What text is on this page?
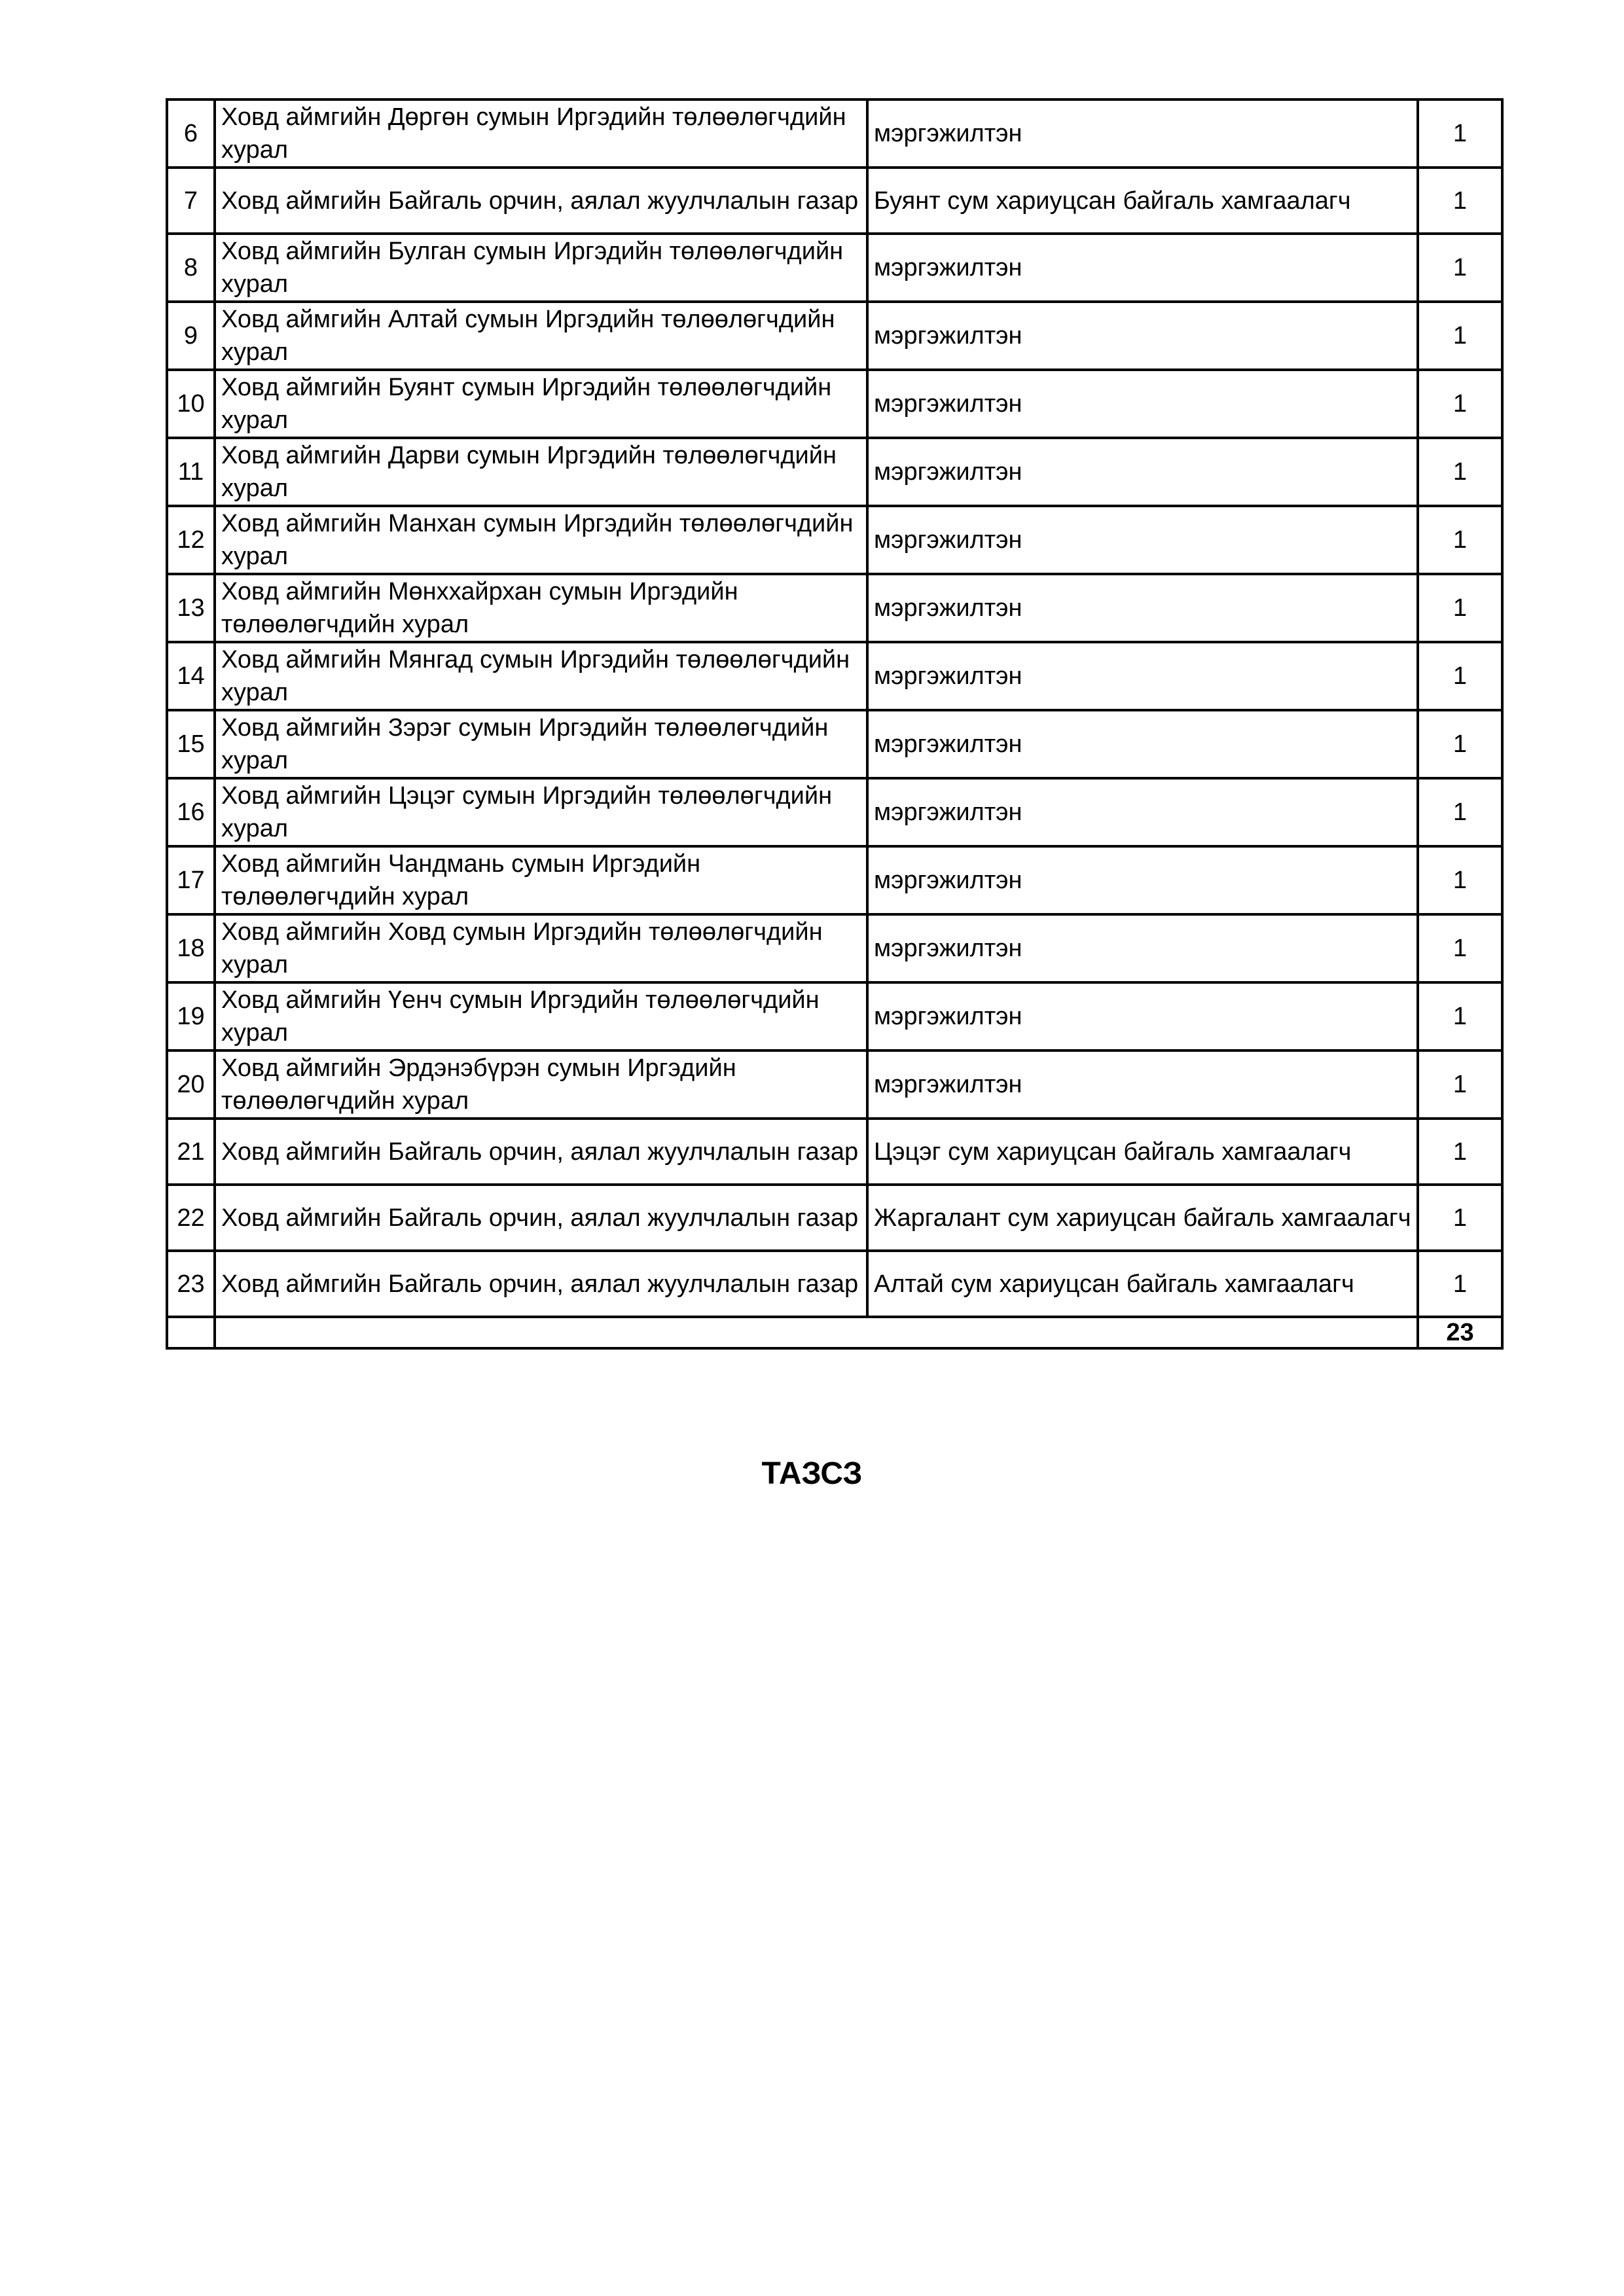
6	Ховд аймгийн Дөргөн сумын Иргэдийн төлөөлөгчдийн хурал	мэргэжилтэн	1
7	Ховд аймгийн Байгаль орчин, аялал жуулчлалын газар	Буянт сум хариуцсан байгаль хамгаалагч	1
8	Ховд аймгийн Булган сумын Иргэдийн төлөөлөгчдийн хурал	мэргэжилтэн	1
9	Ховд аймгийн Алтай сумын Иргэдийн төлөөлөгчдийн хурал	мэргэжилтэн	1
10	Ховд аймгийн Буянт сумын Иргэдийн төлөөлөгчдийн хурал	мэргэжилтэн	1
11	Ховд аймгийн Дарви сумын Иргэдийн төлөөлөгчдийн хурал	мэргэжилтэн	1
12	Ховд аймгийн Манхан сумын Иргэдийн төлөөлөгчдийн хурал	мэргэжилтэн	1
13	Ховд аймгийн Мөнххайрхан сумын Иргэдийн төлөөлөгчдийн хурал	мэргэжилтэн	1
14	Ховд аймгийн Мянгад сумын Иргэдийн төлөөлөгчдийн хурал	мэргэжилтэн	1
15	Ховд аймгийн Зэрэг сумын Иргэдийн төлөөлөгчдийн хурал	мэргэжилтэн	1
16	Ховд аймгийн Цэцэг сумын Иргэдийн төлөөлөгчдийн хурал	мэргэжилтэн	1
17	Ховд аймгийн Чандмань сумын Иргэдийн төлөөлөгчдийн хурал	мэргэжилтэн	1
18	Ховд аймгийн Ховд сумын Иргэдийн төлөөлөгчдийн хурал	мэргэжилтэн	1
19	Ховд аймгийн Үенч сумын Иргэдийн төлөөлөгчдийн хурал	мэргэжилтэн	1
20	Ховд аймгийн Эрдэнэбүрэн сумын Иргэдийн төлөөлөгчдийн хурал	мэргэжилтэн	1
21	Ховд аймгийн Байгаль орчин, аялал жуулчлалын газар	Цэцэг сум хариуцсан байгаль хамгаалагч	1
22	Ховд аймгийн Байгаль орчин, аялал жуулчлалын газар	Жаргалант сум хариуцсан байгаль хамгаалагч	1
23	Ховд аймгийн Байгаль орчин, аялал жуулчлалын газар	Алтай сум хариуцсан байгаль хамгаалагч	1
			23
ТАЗСЗ
